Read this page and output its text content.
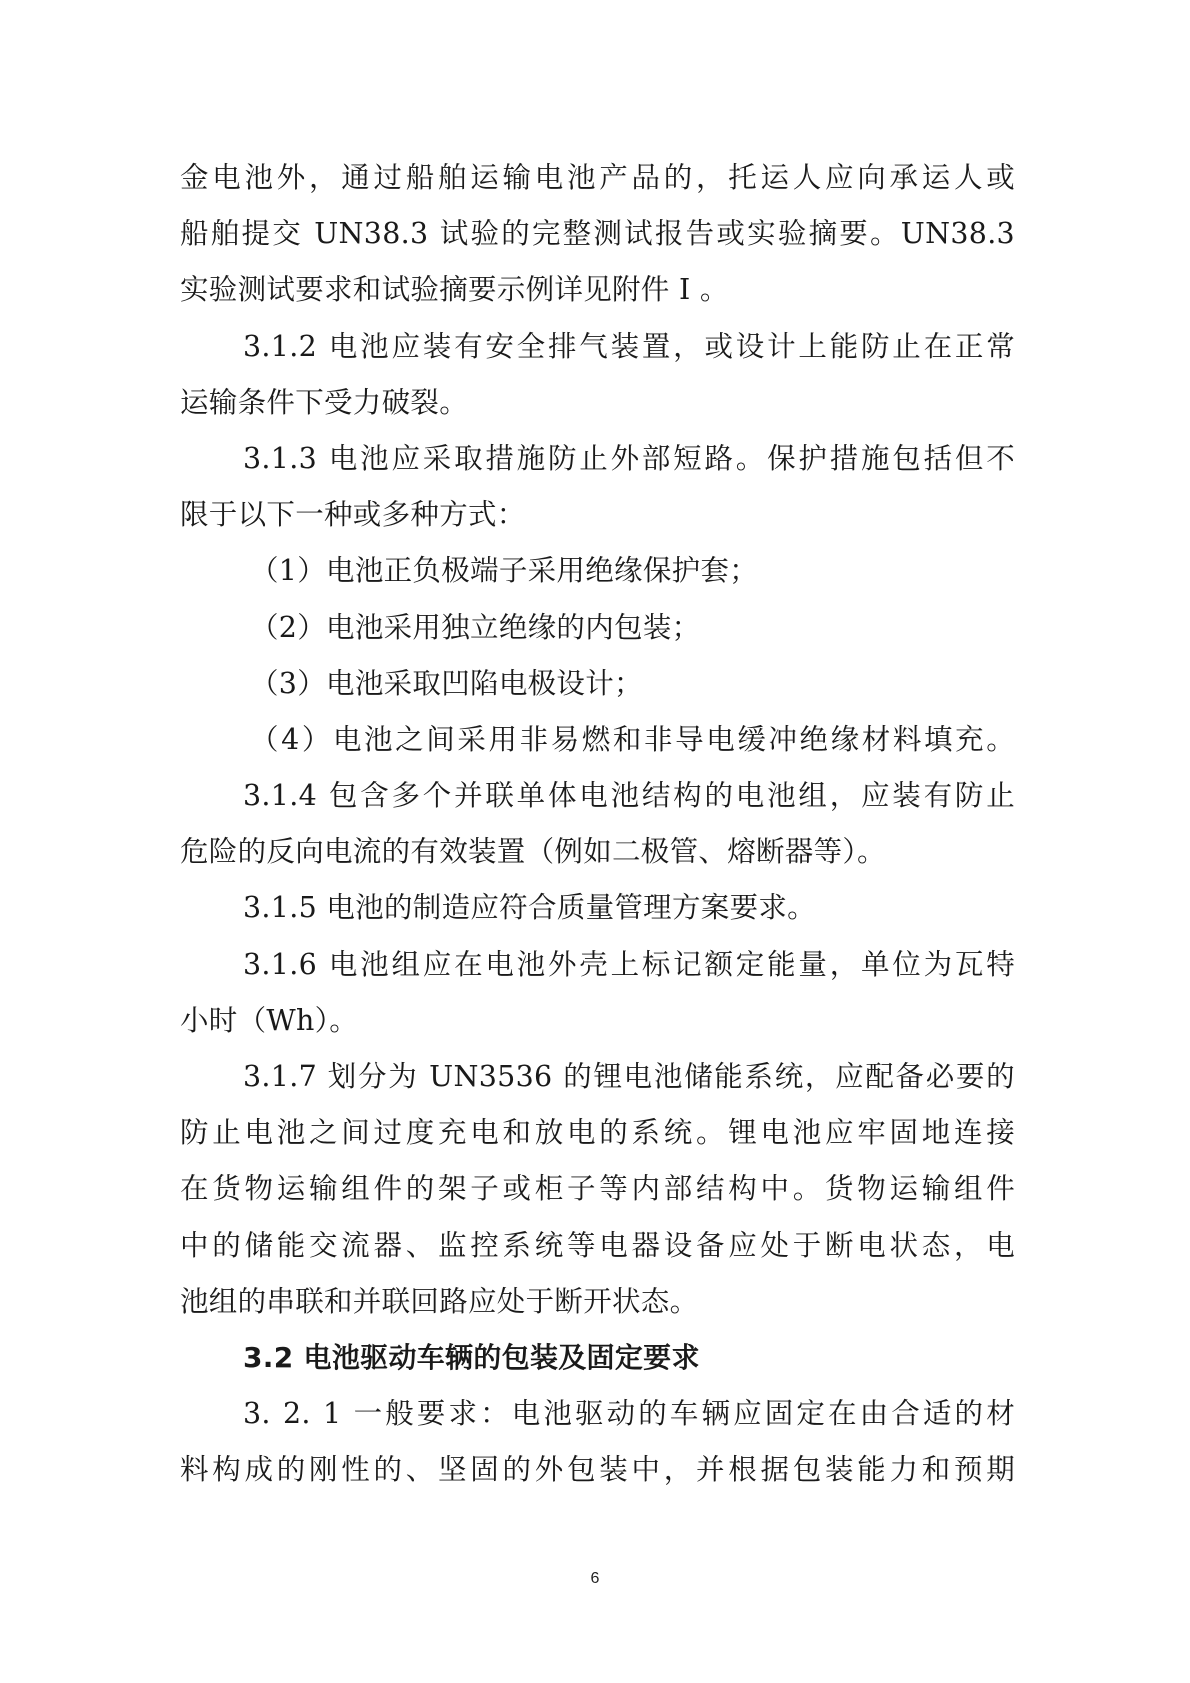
金电池外，通过船舶运输电池产品的，托运人应向承运人或
船舶提交 UN38.3 试验的完整测试报告或实验摘要。UN38.3
实验测试要求和试验摘要示例详见附件 I 。
3.1.2 电池应装有安全排气装置，或设计上能防止在正常
运输条件下受力破裂。
3.1.3 电池应采取措施防止外部短路。保护措施包括但不
限于以下一种或多种方式：
（1）电池正负极端子采用绝缘保护套；
（2）电池采用独立绝缘的内包装；
（3）电池采取凹陷电极设计；
（4）电池之间采用非易燃和非导电缓冲绝缘材料填充。
3.1.4 包含多个并联单体电池结构的电池组，应装有防止
危险的反向电流的有效装置（例如二极管、熔断器等）。
3.1.5 电池的制造应符合质量管理方案要求。
3.1.6 电池组应在电池外壳上标记额定能量，单位为瓦特
小时（Wh）。
3.1.7 划分为 UN3536 的锂电池储能系统，应配备必要的
防止电池之间过度充电和放电的系统。锂电池应牢固地连接
在货物运输组件的架子或柜子等内部结构中。货物运输组件
中的储能交流器、监控系统等电器设备应处于断电状态，电
池组的串联和并联回路应处于断开状态。
3.2 电池驱动车辆的包装及固定要求
3. 2. 1 一般要求：电池驱动的车辆应固定在由合适的材
料构成的刚性的、坚固的外包装中，并根据包装能力和预期
6
